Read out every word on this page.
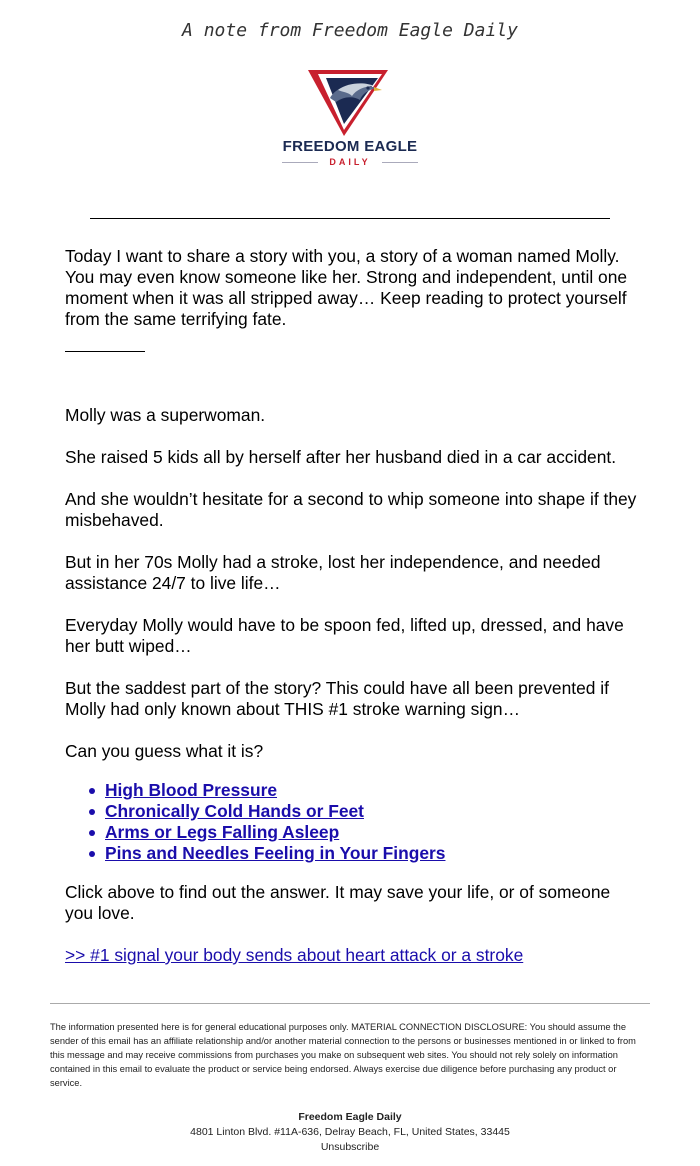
A note from Freedom Eagle Daily
FREEDOM EAGLE
DAILY

Today I want to share a story with you, a story of a woman named Molly. You may even know someone like her. Strong and independent, until one moment when it was all stripped away… Keep reading to protect yourself from the same terrifying fate.

Molly was a superwoman.

She raised 5 kids all by herself after her husband died in a car accident.

And she wouldn’t hesitate for a second to whip someone into shape if they misbehaved.

But in her 70s Molly had a stroke, lost her independence, and needed assistance 24/7 to live life…

Everyday Molly would have to be spoon fed, lifted up, dressed, and have her butt wiped…

But the saddest part of the story? This could have all been prevented if Molly had only known about THIS #1 stroke warning sign…

Can you guess what it is?

High Blood Pressure
Chronically Cold Hands or Feet
Arms or Legs Falling Asleep
Pins and Needles Feeling in Your Fingers

Click above to find out the answer. It may save your life, or of someone you love.

>> #1 signal your body sends about heart attack or a stroke

The information presented here is for general educational purposes only. MATERIAL CONNECTION DISCLOSURE: You should assume the sender of this email has an affiliate relationship and/or another material connection to the persons or businesses mentioned in or linked to from this message and may receive commissions from purchases you make on subsequent web sites. You should not rely solely on information contained in this email to evaluate the product or service being endorsed. Always exercise due diligence before purchasing any product or service.
Freedom Eagle Daily
4801 Linton Blvd. #11A-636, Delray Beach, FL, United States, 33445
Unsubscribe
